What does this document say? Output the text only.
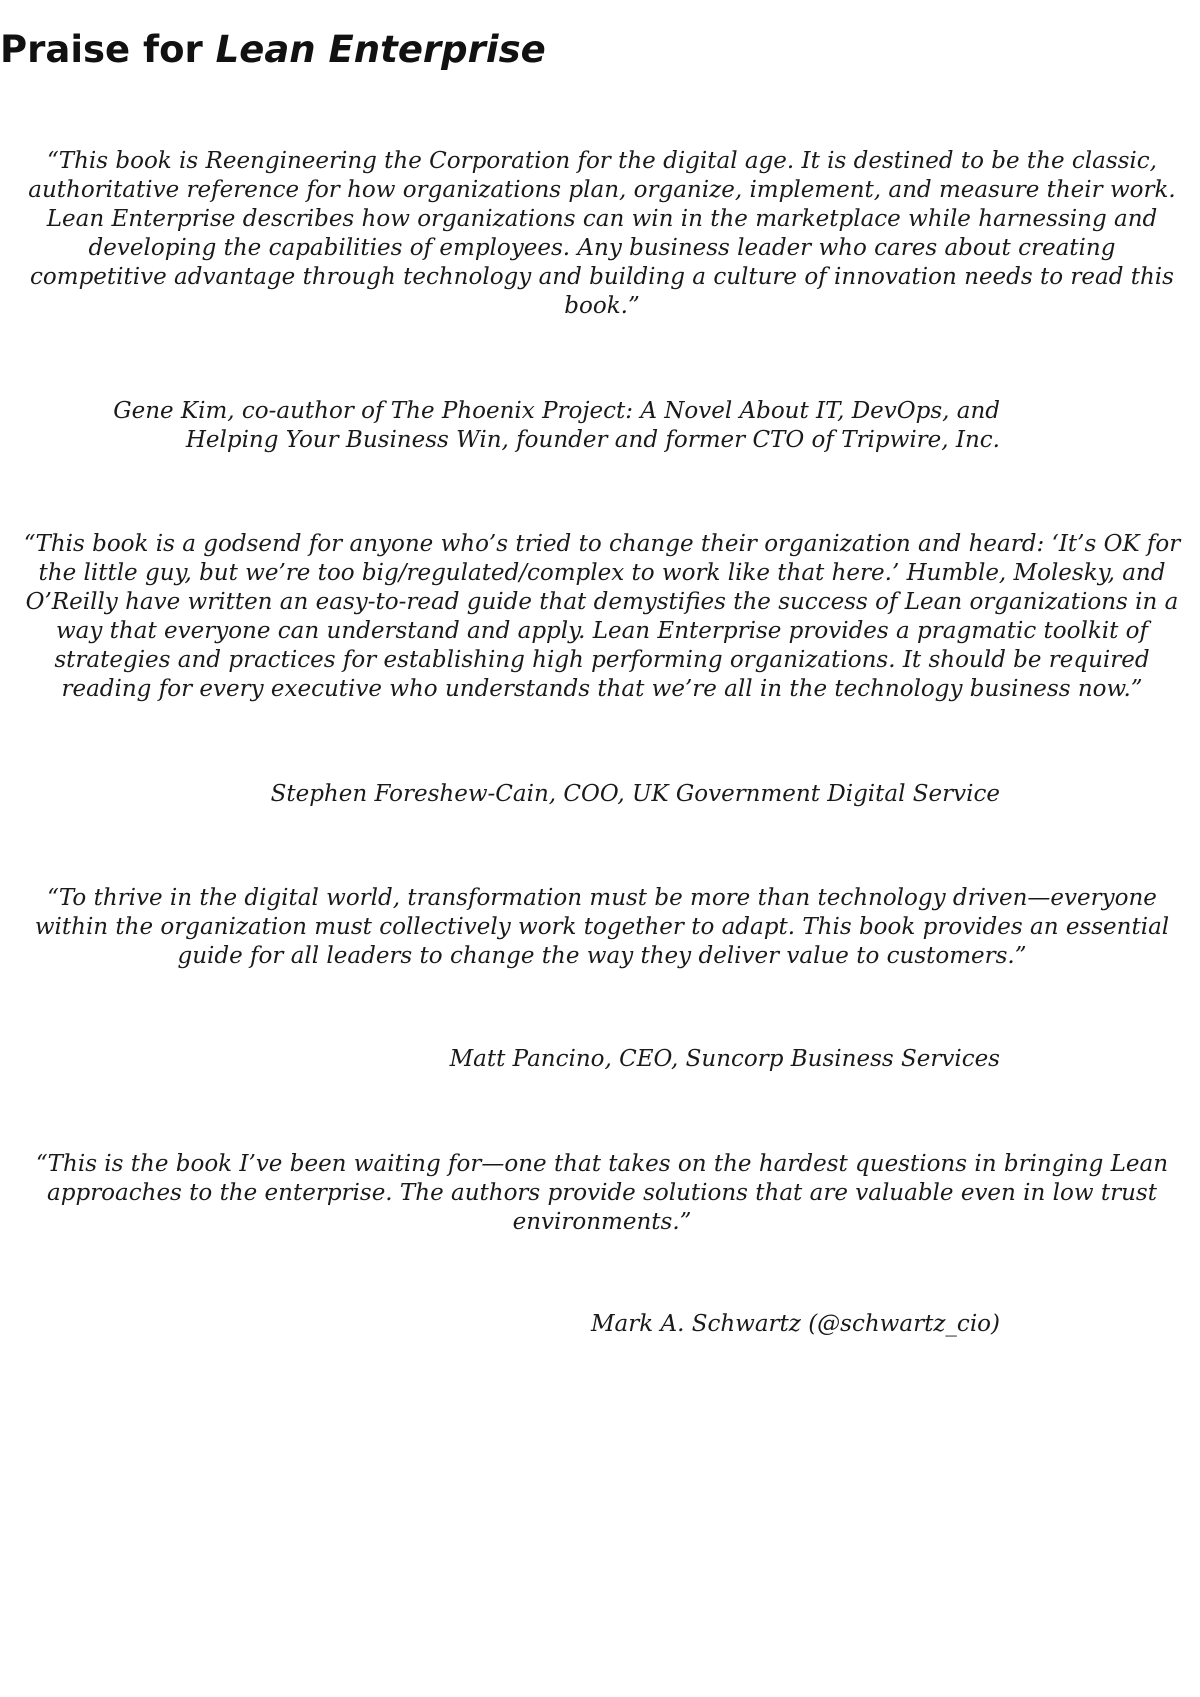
Praise for Lean Enterprise

“This book is Reengineering the Corporation for the digital age. It is destined to be the classic, authoritative reference for how organizations plan, organize, implement, and measure their work. Lean Enterprise describes how organizations can win in the marketplace while harnessing and developing the capabilities of employees. Any business leader who cares about creating competitive advantage through technology and building a culture of innovation needs to read this book.”

Gene Kim, co-author of The Phoenix Project: A Novel About IT, DevOps, and
Helping Your Business Win, founder and former CTO of Tripwire, Inc.

“This book is a godsend for anyone who’s tried to change their organization and heard: ‘It’s OK for the little guy, but we’re too big/regulated/complex to work like that here.’ Humble, Molesky, and O’Reilly have written an easy-to-read guide that demystifies the success of Lean organizations in a way that everyone can understand and apply. Lean Enterprise provides a pragmatic toolkit of strategies and practices for establishing high performing organizations. It should be required reading for every executive who understands that we’re all in the technology business now.”

Stephen Foreshew-Cain, COO, UK Government Digital Service

“To thrive in the digital world, transformation must be more than technology driven—everyone within the organization must collectively work together to adapt. This book provides an essential guide for all leaders to change the way they deliver value to customers.”

Matt Pancino, CEO, Suncorp Business Services

“This is the book I’ve been waiting for—one that takes on the hardest questions in bringing Lean approaches to the enterprise. The authors provide solutions that are valuable even in low trust environments.”

Mark A. Schwartz (@schwartz_cio)
